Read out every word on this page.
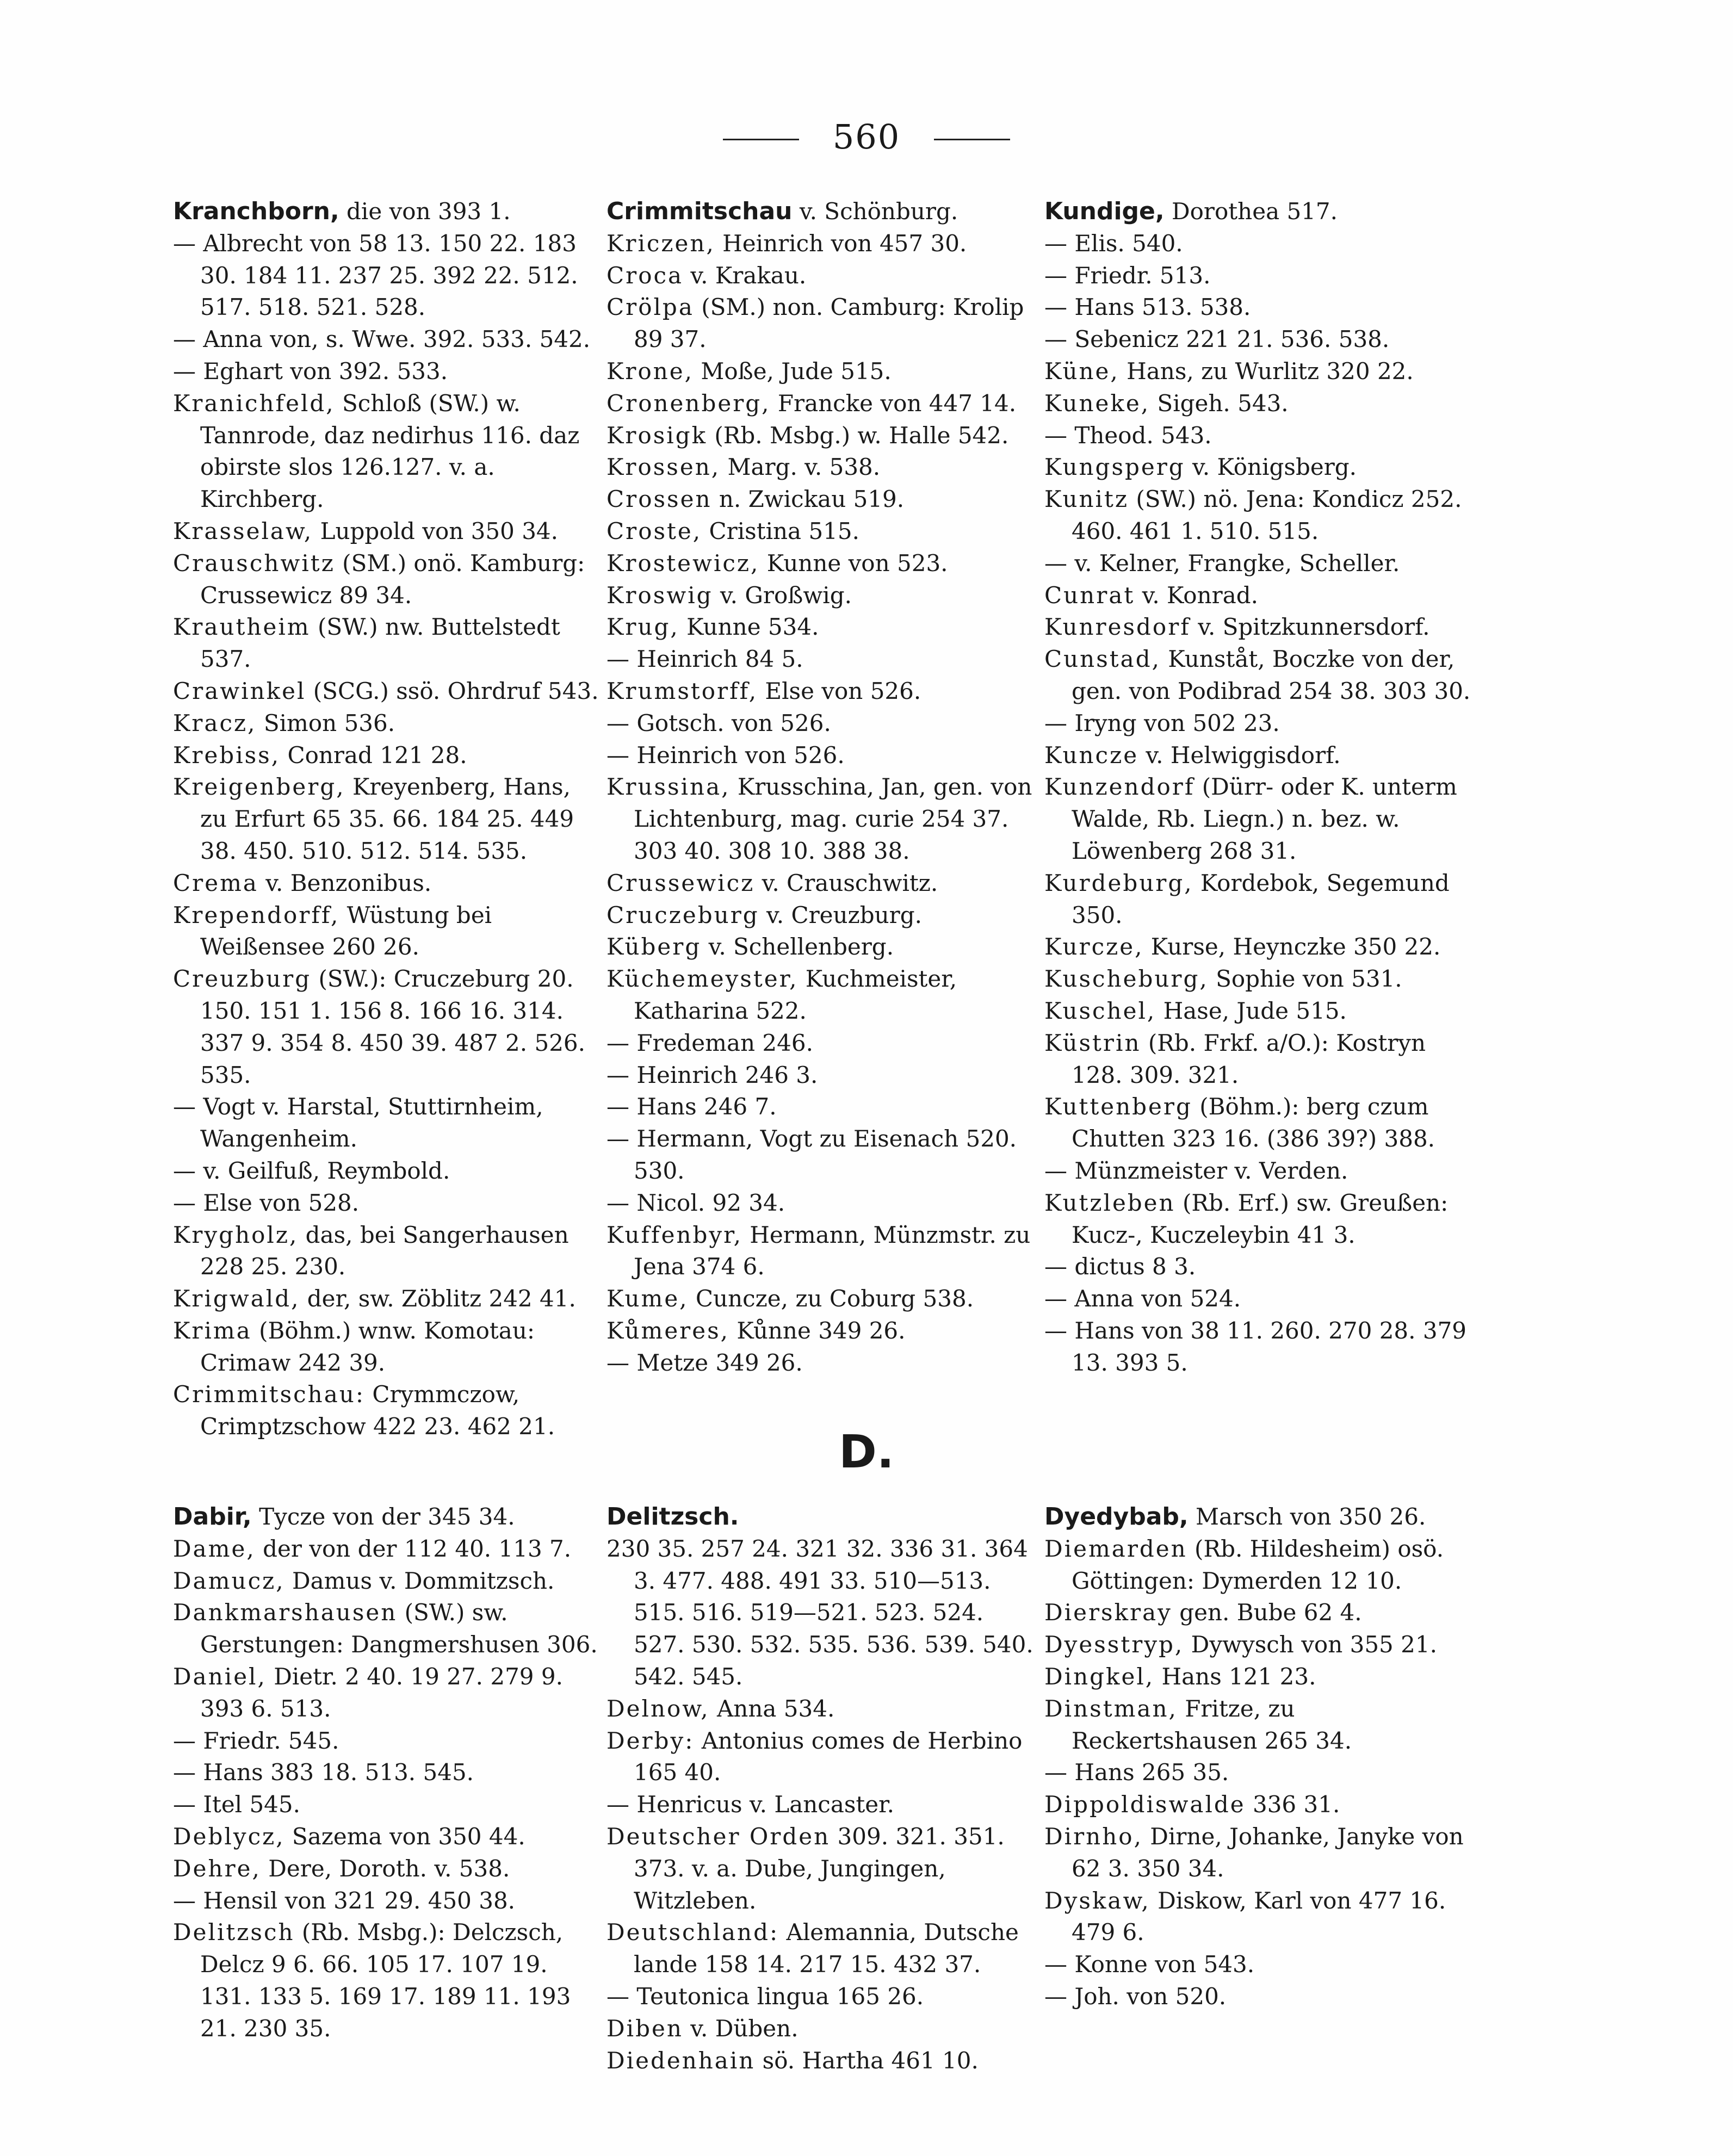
560
Kranchborn, die von 393 1.
— Albrecht von 58 13. 150 22. 183 30. 184 11. 237 25. 392 22. 512. 517. 518. 521. 528.
— Anna von, s. Wwe. 392. 533. 542.
— Eghart von 392. 533.
Kranichfeld, Schloß (SW.) w. Tannrode, daz nedirhus 116. daz obirste slos 126.127. v. a. Kirchberg.
Krasselaw, Luppold von 350 34.
Crauschwitz (SM.) onö. Kamburg: Crussewicz 89 34.
Krautheim (SW.) nw. Buttelstedt 537.
Crawinkel (SCG.) ssö. Ohrdruf 543.
Kracz, Simon 536.
Krebiss, Conrad 121 28.
Kreigenberg, Kreyenberg, Hans, zu Erfurt 65 35. 66. 184 25. 449 38. 450. 510. 512. 514. 535.
Crema v. Benzonibus.
Krependorff, Wüstung bei Weißensee 260 26.
Creuzburg (SW.): Cruczeburg 20. 150. 151 1. 156 8. 166 16. 314. 337 9. 354 8. 450 39. 487 2. 526. 535.
— Vogt v. Harstal, Stuttirnheim, Wangenheim.
— v. Geilfuß, Reymbold.
— Else von 528.
Krygholz, das, bei Sangerhausen 228 25. 230.
Krigwald, der, sw. Zöblitz 242 41.
Krima (Böhm.) wnw. Komotau: Crimaw 242 39.
Crimmitschau: Crymmczow, Crimptzschow 422 23. 462 21.
Crimmitschau v. Schönburg.
Kriczen, Heinrich von 457 30.
Croca v. Krakau.
Crölpa (SM.) non. Camburg: Krolip 89 37.
Krone, Moße, Jude 515.
Cronenberg, Francke von 447 14.
Krosigk (Rb. Msbg.) w. Halle 542.
Krossen, Marg. v. 538.
Crossen n. Zwickau 519.
Croste, Cristina 515.
Krostewicz, Kunne von 523.
Kroswig v. Großwig.
Krug, Kunne 534.
— Heinrich 84 5.
Krumstorff, Else von 526.
— Gotsch. von 526.
— Heinrich von 526.
Krussina, Krusschina, Jan, gen. von Lichtenburg, mag. curie 254 37. 303 40. 308 10. 388 38.
Crussewicz v. Crauschwitz.
Cruczeburg v. Creuzburg.
Küberg v. Schellenberg.
Küchemeyster, Kuchmeister, Katharina 522.
— Fredeman 246.
— Heinrich 246 3.
— Hans 246 7.
— Hermann, Vogt zu Eisenach 520. 530.
— Nicol. 92 34.
Kuffenbyr, Hermann, Münzmstr. zu Jena 374 6.
Kume, Cuncze, zu Coburg 538.
Kůmeres, Kůnne 349 26.
— Metze 349 26.
Kundige, Dorothea 517.
— Elis. 540.
— Friedr. 513.
— Hans 513. 538.
— Sebenicz 221 21. 536. 538.
Küne, Hans, zu Wurlitz 320 22.
Kuneke, Sigeh. 543.
— Theod. 543.
Kungsperg v. Königsberg.
Kunitz (SW.) nö. Jena: Kondicz 252. 460. 461 1. 510. 515.
— v. Kelner, Frangke, Scheller.
Cunrat v. Konrad.
Kunresdorf v. Spitzkunnersdorf.
Cunstad, Kunståt, Boczke von der, gen. von Podibrad 254 38. 303 30.
— Iryng von 502 23.
Kuncze v. Helwiggisdorf.
Kunzendorf (Dürr- oder K. unterm Walde, Rb. Liegn.) n. bez. w. Löwenberg 268 31.
Kurdeburg, Kordebok, Segemund 350.
Kurcze, Kurse, Heynczke 350 22.
Kuscheburg, Sophie von 531.
Kuschel, Hase, Jude 515.
Küstrin (Rb. Frkf. a/O.): Kostryn 128. 309. 321.
Kuttenberg (Böhm.): berg czum Chutten 323 16. (386 39?) 388.
— Münzmeister v. Verden.
Kutzleben (Rb. Erf.) sw. Greußen: Kucz-, Kuczeleybin 41 3.
— dictus 8 3.
— Anna von 524.
— Hans von 38 11. 260. 270 28. 379 13. 393 5.
D.
Dabir, Tycze von der 345 34.
Dame, der von der 112 40. 113 7.
Damucz, Damus v. Dommitzsch.
Dankmarshausen (SW.) sw. Gerstungen: Dangmershusen 306.
Daniel, Dietr. 2 40. 19 27. 279 9. 393 6. 513.
— Friedr. 545.
— Hans 383 18. 513. 545.
— Itel 545.
Deblycz, Sazema von 350 44.
Dehre, Dere, Doroth. v. 538.
— Hensil von 321 29. 450 38.
Delitzsch (Rb. Msbg.): Delczsch, Delcz 9 6. 66. 105 17. 107 19. 131. 133 5. 169 17. 189 11. 193 21. 230 35.
Delitzsch.
230 35. 257 24. 321 32. 336 31. 364 3. 477. 488. 491 33. 510—513. 515. 516. 519—521. 523. 524. 527. 530. 532. 535. 536. 539. 540. 542. 545.
Delnow, Anna 534.
Derby: Antonius comes de Herbino 165 40.
— Henricus v. Lancaster.
Deutscher Orden 309. 321. 351. 373. v. a. Dube, Jungingen, Witzleben.
Deutschland: Alemannia, Dutsche lande 158 14. 217 15. 432 37.
— Teutonica lingua 165 26.
Diben v. Düben.
Diedenhain sö. Hartha 461 10.
Dyedybab, Marsch von 350 26.
Diemarden (Rb. Hildesheim) osö. Göttingen: Dymerden 12 10.
Dierskray gen. Bube 62 4.
Dyesstryp, Dywysch von 355 21.
Dingkel, Hans 121 23.
Dinstman, Fritze, zu Reckertshausen 265 34.
— Hans 265 35.
Dippoldiswalde 336 31.
Dirnho, Dirne, Johanke, Janyke von 62 3. 350 34.
Dyskaw, Diskow, Karl von 477 16. 479 6.
— Konne von 543.
— Joh. von 520.
